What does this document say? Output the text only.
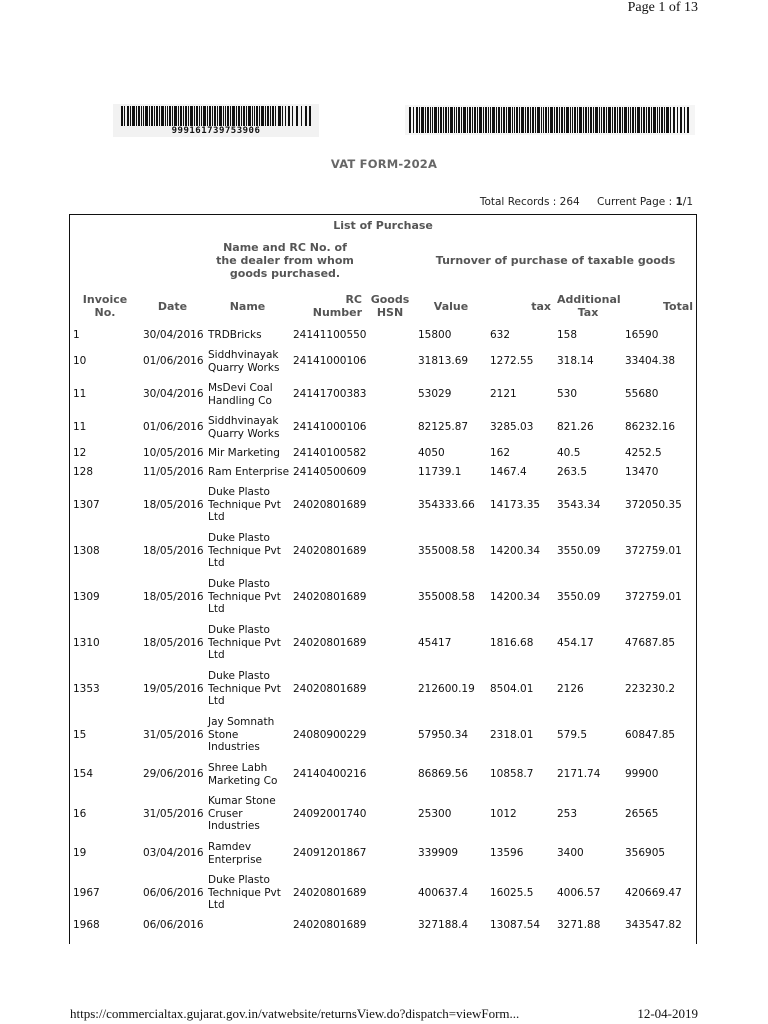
Page 1 of 13
999161739753906
VAT FORM-202A
Total Records : 264 Current Page : 1/1
List of Purchase								
		Name and RC No. of the dealer from whom goods purchased.			Turnover of purchase of taxable goods			
Invoice No.	Date	Name	RC Number	Goods HSN	Value	tax	Additional Tax	Total
1	30/04/2016	TRDBricks	24141100550		15800	632	158	16590
10	01/06/2016	Siddhvinayak Quarry Works	24141000106		31813.69	1272.55	318.14	33404.38
11	30/04/2016	MsDevi Coal Handling Co	24141700383		53029	2121	530	55680
11	01/06/2016	Siddhvinayak Quarry Works	24141000106		82125.87	3285.03	821.26	86232.16
12	10/05/2016	Mir Marketing	24140100582		4050	162	40.5	4252.5
128	11/05/2016	Ram Enterprise	24140500609		11739.1	1467.4	263.5	13470
1307	18/05/2016	Duke Plasto Technique Pvt Ltd	24020801689		354333.66	14173.35	3543.34	372050.35
1308	18/05/2016	Duke Plasto Technique Pvt Ltd	24020801689		355008.58	14200.34	3550.09	372759.01
1309	18/05/2016	Duke Plasto Technique Pvt Ltd	24020801689		355008.58	14200.34	3550.09	372759.01
1310	18/05/2016	Duke Plasto Technique Pvt Ltd	24020801689		45417	1816.68	454.17	47687.85
1353	19/05/2016	Duke Plasto Technique Pvt Ltd	24020801689		212600.19	8504.01	2126	223230.2
15	31/05/2016	Jay Somnath Stone Industries	24080900229		57950.34	2318.01	579.5	60847.85
154	29/06/2016	Shree Labh Marketing Co	24140400216		86869.56	10858.7	2171.74	99900
16	31/05/2016	Kumar Stone Cruser Industries	24092001740		25300	1012	253	26565
19	03/04/2016	Ramdev Enterprise	24091201867		339909	13596	3400	356905
1967	06/06/2016	Duke Plasto Technique Pvt Ltd	24020801689		400637.4	16025.5	4006.57	420669.47
1968	06/06/2016		24020801689		327188.4	13087.54	3271.88	343547.82
https://commercialtax.gujarat.gov.in/vatwebsite/returnsView.do?dispatch=viewForm...	12-04-2019
